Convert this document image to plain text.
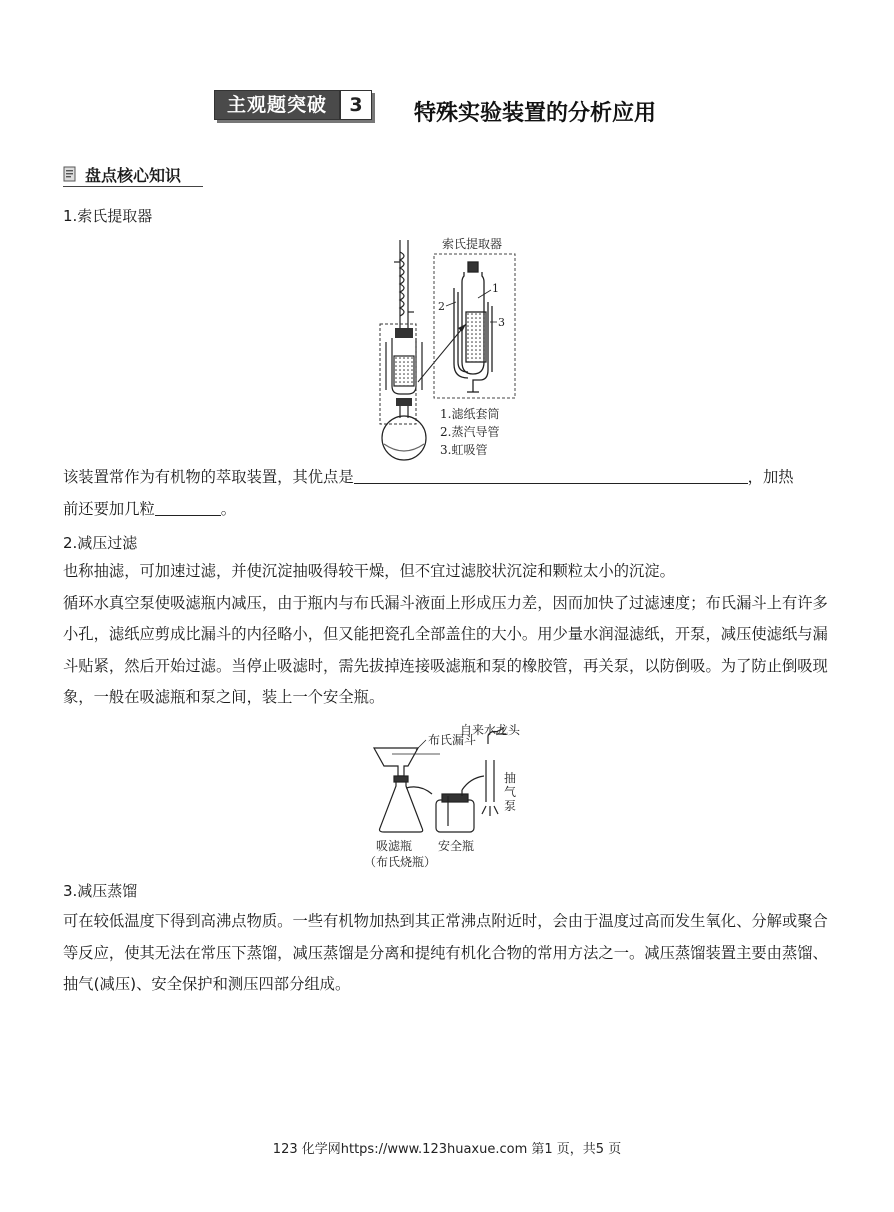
主观题突破	3	特殊实验装置的分析应用
盘点核心知识
1.索氏提取器
索氏提取器
1
2
3
1.滤纸套筒
2.蒸汽导管
3.虹吸管

该装置常作为有机物的萃取装置，其优点是	，加热

前还要加几粒	。

2.减压过滤

也称抽滤，可加速过滤，并使沉淀抽吸得较干燥，但不宜过滤胶状沉淀和颗粒太小的沉淀。

循环水真空泵使吸滤瓶内减压，由于瓶内与布氏漏斗液面上形成压力差，因而加快了过滤速度；布氏漏斗上有许多小孔，滤纸应剪成比漏斗的内径略小，但又能把瓷孔全部盖住的大小。用少量水润湿滤纸，开泵，减压使滤纸与漏斗贴紧，然后开始过滤。当停止吸滤时，需先拔掉连接吸滤瓶和泵的橡胶管，再关泵，以防倒吸。为了防止倒吸现象，一般在吸滤瓶和泵之间，装上一个安全瓶。

布氏漏斗
自来水龙头
抽 气 泵
吸滤瓶
（布氏烧瓶）
安全瓶
3.减压蒸馏

可在较低温度下得到高沸点物质。一些有机物加热到其正常沸点附近时，会由于温度过高而发生氧化、分解或聚合等反应，使其无法在常压下蒸馏，减压蒸馏是分离和提纯有机化合物的常用方法之一。减压蒸馏装置主要由蒸馏、抽气(减压)、安全保护和测压四部分组成。

123 化学网https://www.123huaxue.com 第1 页，共5 页
